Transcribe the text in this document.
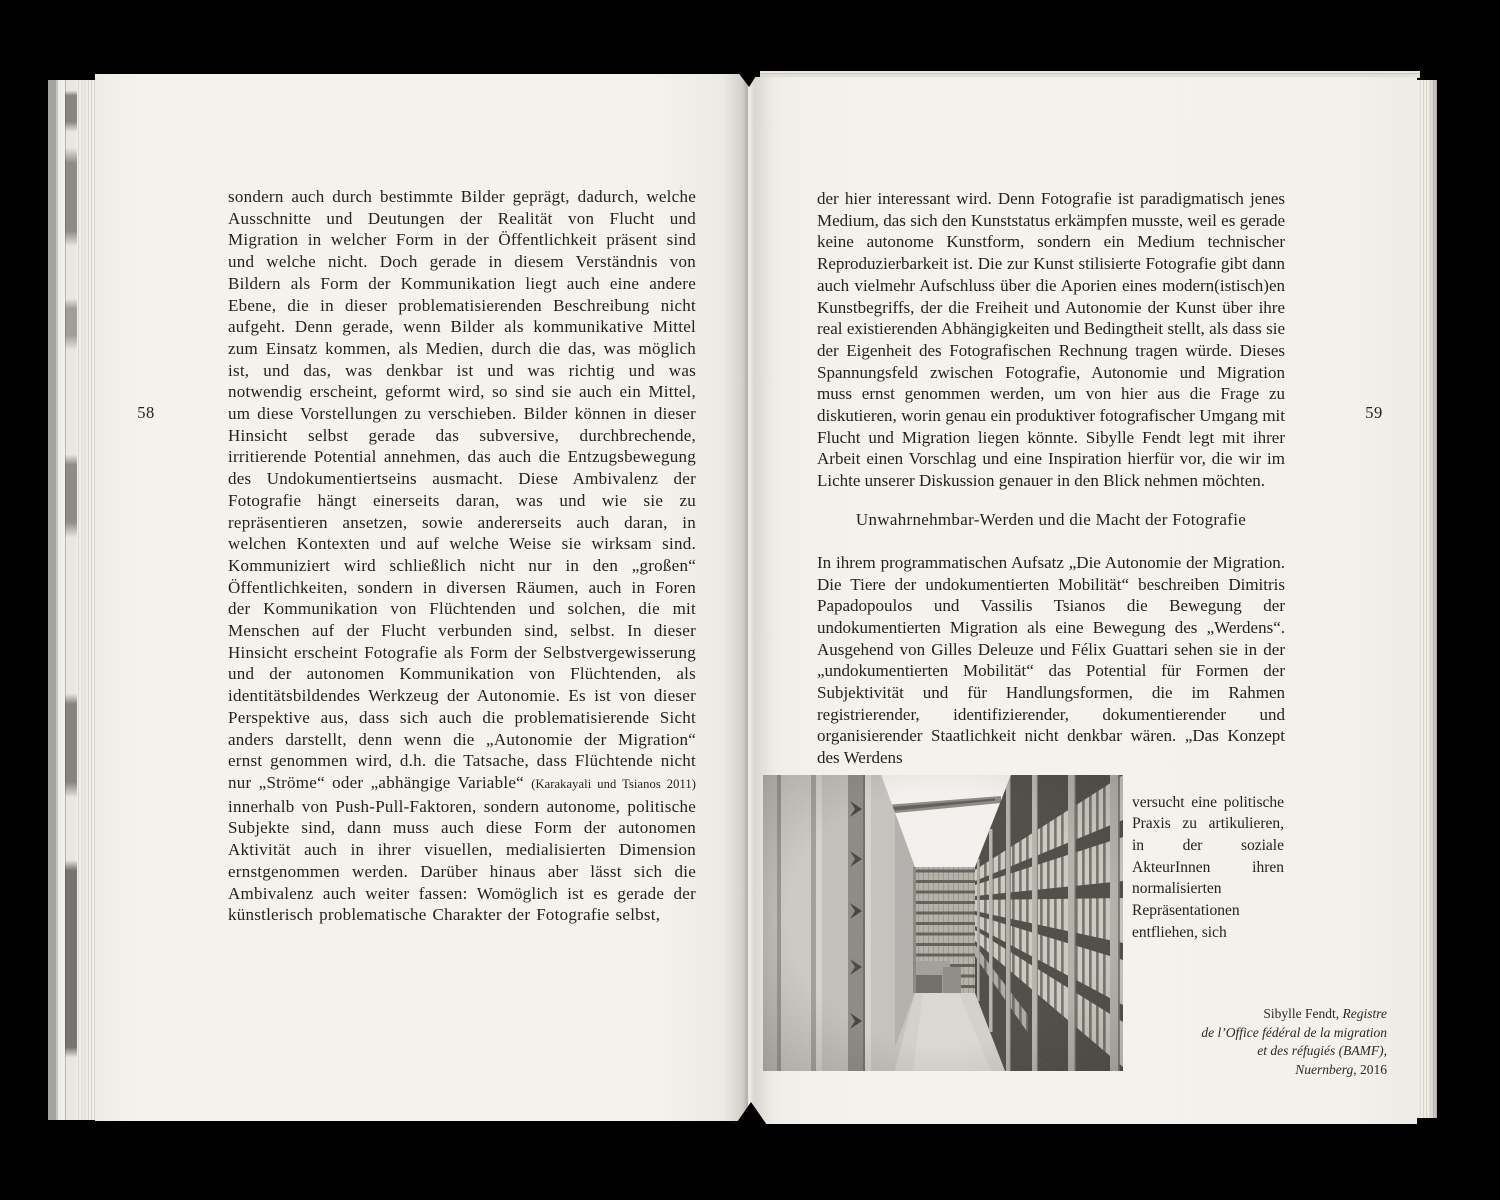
58

sondern auch durch bestimmte Bilder geprägt, dadurch, welche Ausschnitte und Deutungen der Realität von Flucht und Migration in welcher Form in der Öffentlichkeit präsent sind und welche nicht. Doch gerade in diesem Verständnis von Bildern als Form der Kommunikation liegt auch eine andere Ebene, die in dieser problematisierenden Beschreibung nicht aufgeht. Denn gerade, wenn Bilder als kommunikative Mittel zum Einsatz kommen, als Medien, durch die das, was möglich ist, und das, was denkbar ist und was richtig und was notwendig erscheint, geformt wird, so sind sie auch ein Mittel, um diese Vorstellungen zu verschieben. Bilder können in dieser Hinsicht selbst gerade das subversive, durchbrechende, irritierende Potential annehmen, das auch die Entzugsbewegung des Undokumentiertseins ausmacht. Diese Ambivalenz der Fotografie hängt einerseits daran, was und wie sie zu repräsentieren ansetzen, sowie andererseits auch daran, in welchen Kontexten und auf welche Weise sie wirksam sind. Kommuniziert wird schließlich nicht nur in den „großen“ Öffentlichkeiten, sondern in diversen Räumen, auch in Foren der Kommunikation von Flüchtenden und solchen, die mit Menschen auf der Flucht verbunden sind, selbst. In dieser Hinsicht erscheint Fotografie als Form der Selbstvergewisserung und der autonomen Kommunikation von Flüchtenden, als identitätsbildendes Werkzeug der Autonomie. Es ist von dieser Perspektive aus, dass sich auch die problematisierende Sicht anders darstellt, denn wenn die „Autonomie der Migration“ ernst genommen wird, d.h. die Tatsache, dass Flüchtende nicht nur „Ströme“ oder „abhängige Variable“ (Karakayali und Tsianos 2011) innerhalb von Push-Pull-Faktoren, sondern autonome, politische Subjekte sind, dann muss auch diese Form der autonomen Aktivität auch in ihrer visuellen, medialisierten Dimension ernstgenommen werden. Darüber hinaus aber lässt sich die Ambivalenz auch weiter fassen: Womöglich ist es gerade der künstlerisch problematische Charakter der Fotografie selbst,

59

der hier interessant wird. Denn Fotografie ist paradigmatisch jenes Medium, das sich den Kunststatus erkämpfen musste, weil es gerade keine autonome Kunstform, sondern ein Medium technischer Reproduzierbarkeit ist. Die zur Kunst stilisierte Fotografie gibt dann auch vielmehr Aufschluss über die Aporien eines modern(istisch)en Kunstbegriffs, der die Freiheit und Autonomie der Kunst über ihre real existierenden Abhängigkeiten und Bedingtheit stellt, als dass sie der Eigenheit des Fotografischen Rechnung tragen würde. Dieses Spannungsfeld zwischen Fotografie, Autonomie und Migration muss ernst genommen werden, um von hier aus die Frage zu diskutieren, worin genau ein produktiver fotografischer Umgang mit Flucht und Migration liegen könnte. Sibylle Fendt legt mit ihrer Arbeit einen Vorschlag und eine Inspiration hierfür vor, die wir im Lichte unserer Diskussion genauer in den Blick nehmen möchten.

Unwahrnehmbar-Werden und die Macht der Fotografie

In ihrem programmatischen Aufsatz „Die Autonomie der Migration. Die Tiere der undokumentierten Mobilität“ beschreiben Dimitris Papadopoulos und Vassilis Tsianos die Bewegung der undokumentierten Migration als eine Bewegung des „Werdens“. Ausgehend von Gilles Deleuze und Félix Guattari sehen sie in der „undokumentierten Mobilität“ das Potential für Formen der Subjektivität und für Handlungsformen, die im Rahmen registrierender, identifizierender, dokumentierender und organisierender Staatlichkeit nicht denkbar wären. „Das Konzept des Werdens

versucht eine politische Praxis zu artikulieren, in der soziale AkteurInnen ihren normalisierten Repräsentationen entfliehen, sich

Sibylle Fendt, Registre
de l’Office fédéral de la migration
et des réfugiés (BAMF),
Nuernberg, 2016
